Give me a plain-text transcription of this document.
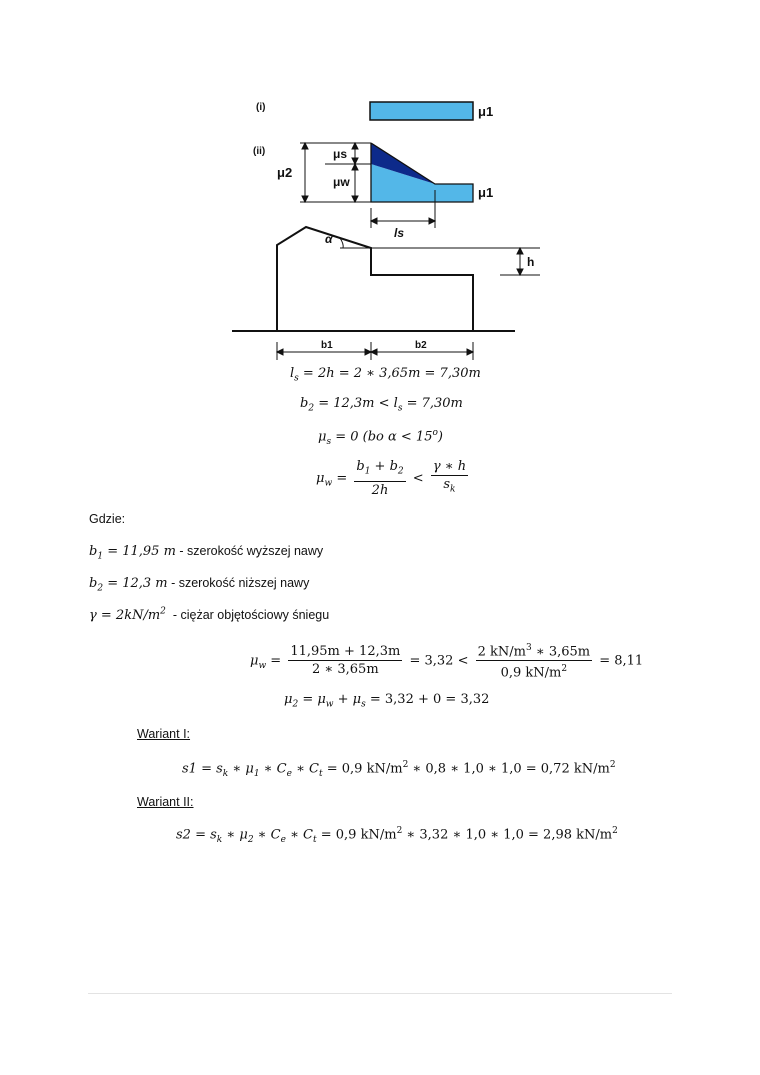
(i)	μ1
(ii)
μ1
μ2
μs
μw
ls
α
h
b1	b2
$l_s = 2h = 2$ ∗ 3,65m = 7,30m
$b_2 = 12,3m < l_s = 7,30m$
$\mu_s = 0$ (bo $\alpha < 15^o$)
$\mu_w = \frac{b_1 + b_2}{2h} < \frac{\gamma ∗ h}{s_k}$
Gdzie:
$b_1 = 11,95$ m - szerokość wyższej nawy
$b_2 = 12,3$ m - szerokość niższej nawy
$\gamma = 2kN/m^2$  - ciężar objętościowy śniegu
$\mu_w = \frac{11,95m + 12,3m}{2 ∗ 3,65m} = 3,32 < \frac{2 kN/m^3 ∗ 3,65m}{0,9 kN/m^2} = 8,11$
$\mu_2 = \mu_w + \mu_s = 3,32 + 0 = 3,32$
Wariant I:
$s1 = s_k$ ∗ $\mu_1$ ∗ $C_e$ ∗ $C_t = 0,9$ $kN/m^2$ ∗ 0,8 ∗ 1,0 ∗ 1,0 = 0,72 $kN/m^2$
Wariant II:
$s2 = s_k$ ∗ $\mu_2$ ∗ $C_e$ ∗ $C_t = 0,9$ $kN/m^2$ ∗ 3,32 ∗ 1,0 ∗ 1,0 = 2,98 $kN/m^2$
